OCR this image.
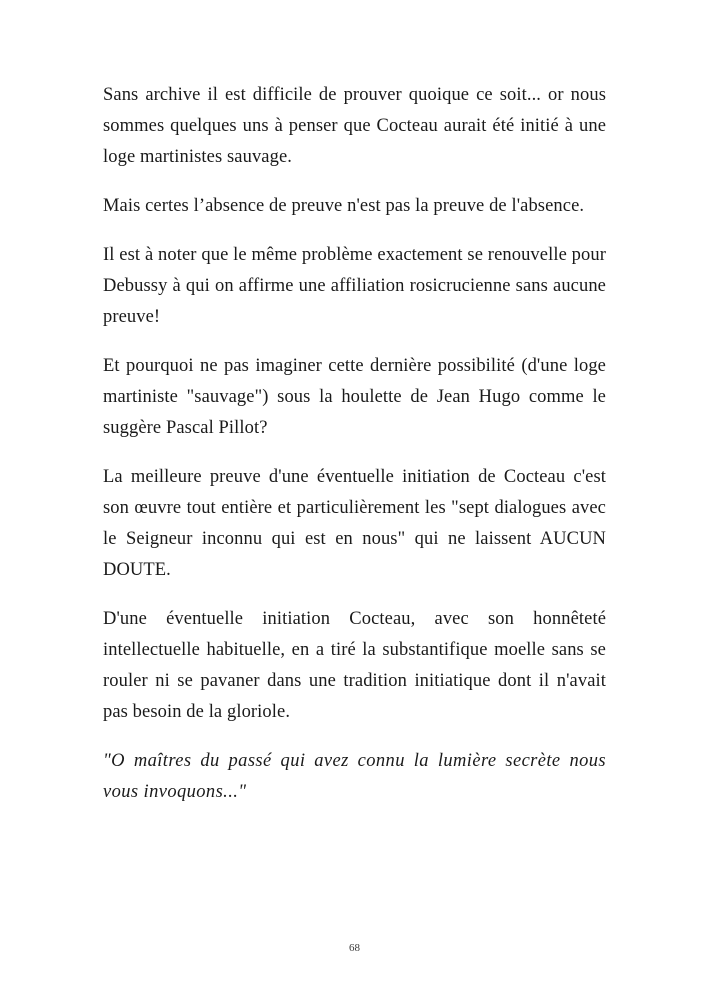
Sans archive il est difficile de prouver quoique ce soit... or nous sommes quelques uns à penser que Cocteau aurait été initié à une loge martinistes sauvage.

Mais certes l’absence de preuve n'est pas la preuve de l'absence.

Il est à noter que le même problème exactement se renouvelle pour Debussy à qui on affirme une affiliation rosicrucienne sans aucune preuve!

Et pourquoi ne pas imaginer cette dernière possibilité (d'une loge martiniste "sauvage") sous la houlette de Jean Hugo comme le suggère Pascal Pillot?

La meilleure preuve d'une éventuelle initiation de Cocteau c'est son œuvre tout entière et particulièrement les "sept dialogues avec le Seigneur inconnu qui est en nous" qui ne laissent AUCUN DOUTE.

D'une éventuelle initiation Cocteau, avec son honnêteté intellectuelle habituelle, en a tiré la substantifique moelle sans se rouler ni se pavaner dans une tradition initiatique dont il n'avait pas besoin de la gloriole.

"O maîtres du passé qui avez connu la lumière secrète nous vous invoquons..."

68
